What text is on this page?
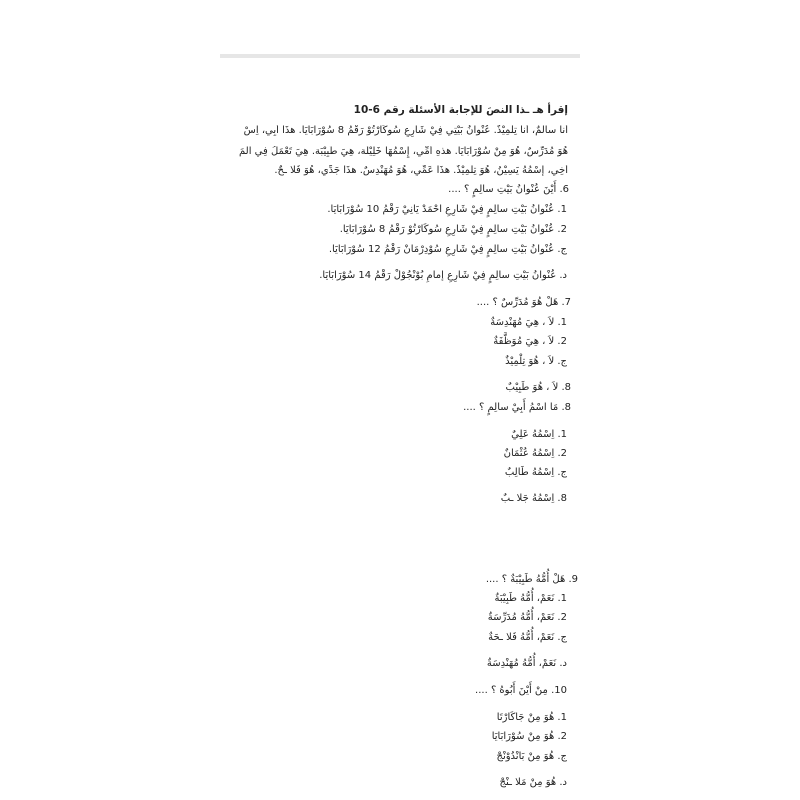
إقرأ هـ ـذا النصَ للإجابة الأسئلة رقم 6-10
أنا سالمٌ، أنا تِلْمِيْذٌ. عُنْوانُ بَيْتِي فِيْ شَارِعِ سُوكَارْتُوْ رَقْمُ 8 سُوْرَابَايَا. هذَا أَبِي، اِسْ
هُوَ مُدَرِّسٌ، هُوَ مِنْ سُوْرَابَايَا. هذهِ أُمِّي، إِسْمُهَا خَلِيْلَة، هِيَ طَبِيْبَة. هِيَ تَعْمَلُ فِي المَ
أخِي، إسْمُهُ يَسِيْنُ، هُوَ تِلْمِيْذٌ. هذَا عَمِّي، هُوَ مُهَنْدِسٌ. هذَا جَدِّي، هُوَ فَلا ـحٌ.
6. أَيْنَ عُنْوانُ بَيْتِ سالِمٍ ؟ ....
1. عُنْوانُ بَيْتِ سالِمٍ فِيْ شَارِعِ احْمَدْ يَانِيْ رَقْمُ 10 سُوْرَابَايَا.
2. عُنْوانُ بَيْتِ سالِمٍ فِيْ شَارِعِ سُوكَارْتُوْ رَقْمُ 8 سُوْرَابَايَا.
ج. عُنْوانُ بَيْتِ سالِمٍ فِيْ شَارِعِ سُوْدِرْمَانْ رَقْمُ 12 سُوْرَابَايَا.
د. عُنْوانُ بَيْتِ سالِمٍ فِيْ شَارِعِ إمامِ بُوْنْجُوْلْ رَقْمُ 14 سُوْرَابَايَا.
7. هَلْ هُوَ مُدَرِّسٌ ؟ ....
1. لاَ ، هِيَ مُهَنْدِسَةٌ
2. لاَ ، هِيَ مُوَظَّفَةٌ
ج. لاَ ، هُوَ تِلْمِيْذٌ
8. لاَ ، هُوَ طَبِيْبٌ
8. مَا اسْمُ أَبِيْ سالِمٍ ؟ ....
1. اِسْمُهُ عَلِيٌ
2. اِسْمُهُ عُثْمَانٌ
ج. اِسْمُهُ طَالِبٌ
8. اِسْمُهُ جَلا ـبٌ
9. هَلْ أُمُّهُ طَبِيْبَةٌ ؟ ....
1. نَعَمْ، أُمُّهُ طَبِيْبَةٌ
2. نَعَمْ، أُمُّهُ مُدَرِّسَةٌ
ج. نَعَمْ، أُمُّهُ فَلا ـحَةٌ
د. نَعَمْ، أُمُّهُ مُهَنْدِسَةٌ
10. مِنْ أَيْنَ أَبُوهُ ؟ ....
1. هُوَ مِنْ جَاكَارْتَا
2. هُوَ مِنْ سُوْرَابَايَا
ج. هُوَ مِنْ بَانْدُوْنْجْ
د. هُوَ مِنْ مَلا ـنْجْ
